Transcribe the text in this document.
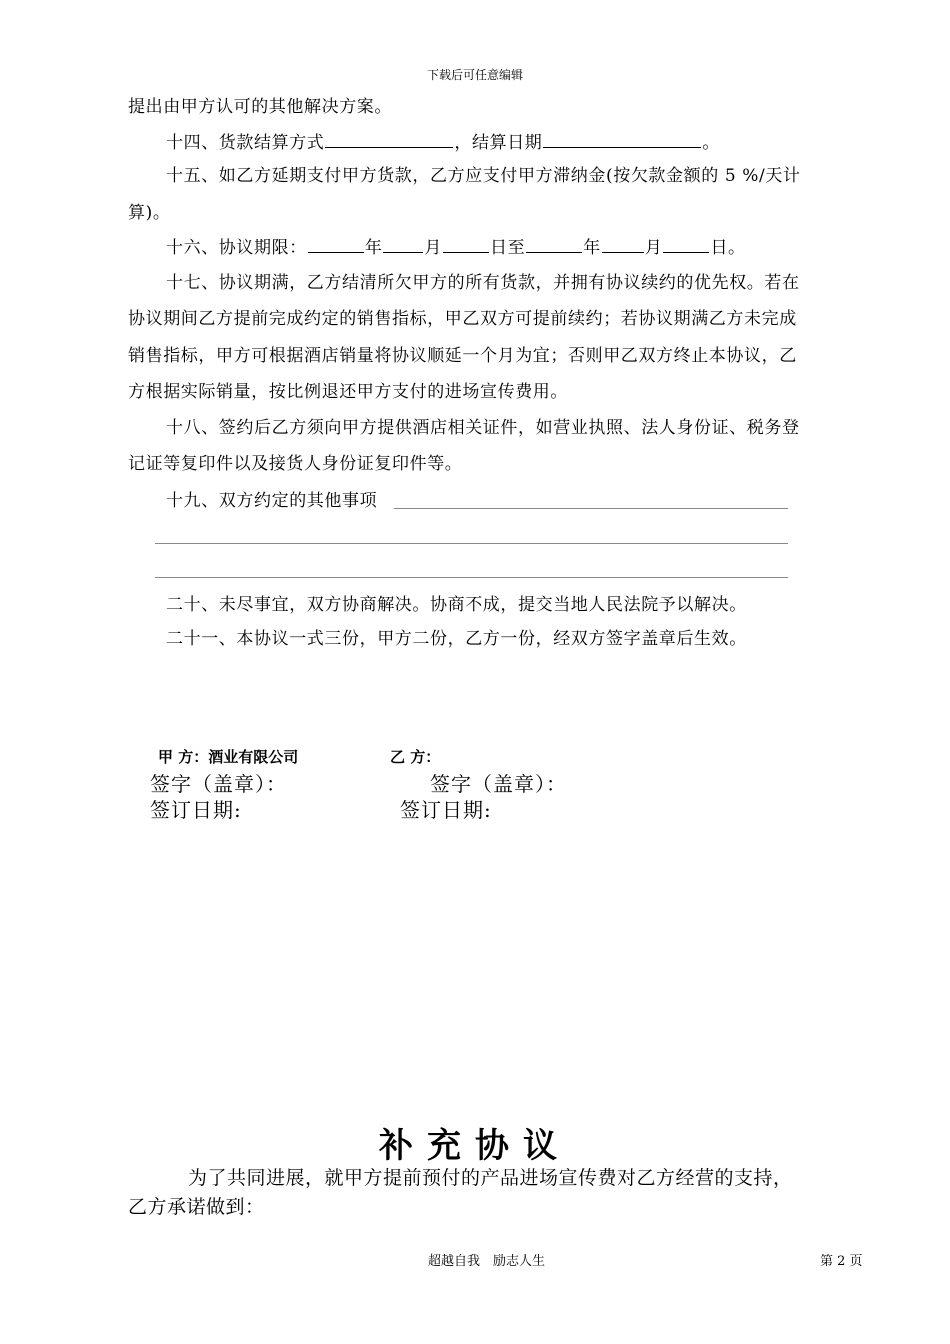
下载后可任意编辑
提出由甲方认可的其他解决方案。
十四、货款结算方式	，结算日期	。
十五、如乙方延期支付甲方货款，乙方应支付甲方滞纳金(按欠款金额的 5 %/天计
算)。
十六、协议期限：	年 月	日至	年	月	日。
十七、协议期满，乙方结清所欠甲方的所有货款，并拥有协议续约的优先权。若在
协议期间乙方提前完成约定的销售指标，甲乙双方可提前续约；若协议期满乙方未完成
销售指标，甲方可根据酒店销量将协议顺延一个月为宜；否则甲乙双方终止本协议，乙
方根据实际销量，按比例退还甲方支付的进场宣传费用。
十八、签约后乙方须向甲方提供酒店相关证件，如营业执照、法人身份证、税务登
记证等复印件以及接货人身份证复印件等。
十九、双方约定的其他事项
二十、未尽事宜，双方协商解决。协商不成，提交当地人民法院予以解决。
二十一、本协议一式三份，甲方二份，乙方一份，经双方签字盖章后生效。
甲 方：酒业有限公司	乙 方：
签字（盖章）：	签字（盖章）：
签订日期:	签订日期:
补充协议
为了共同进展，就甲方提前预付的产品进场宣传费对乙方经营的支持，
乙方承诺做到：
超越自我　励志人生	第 2 页
